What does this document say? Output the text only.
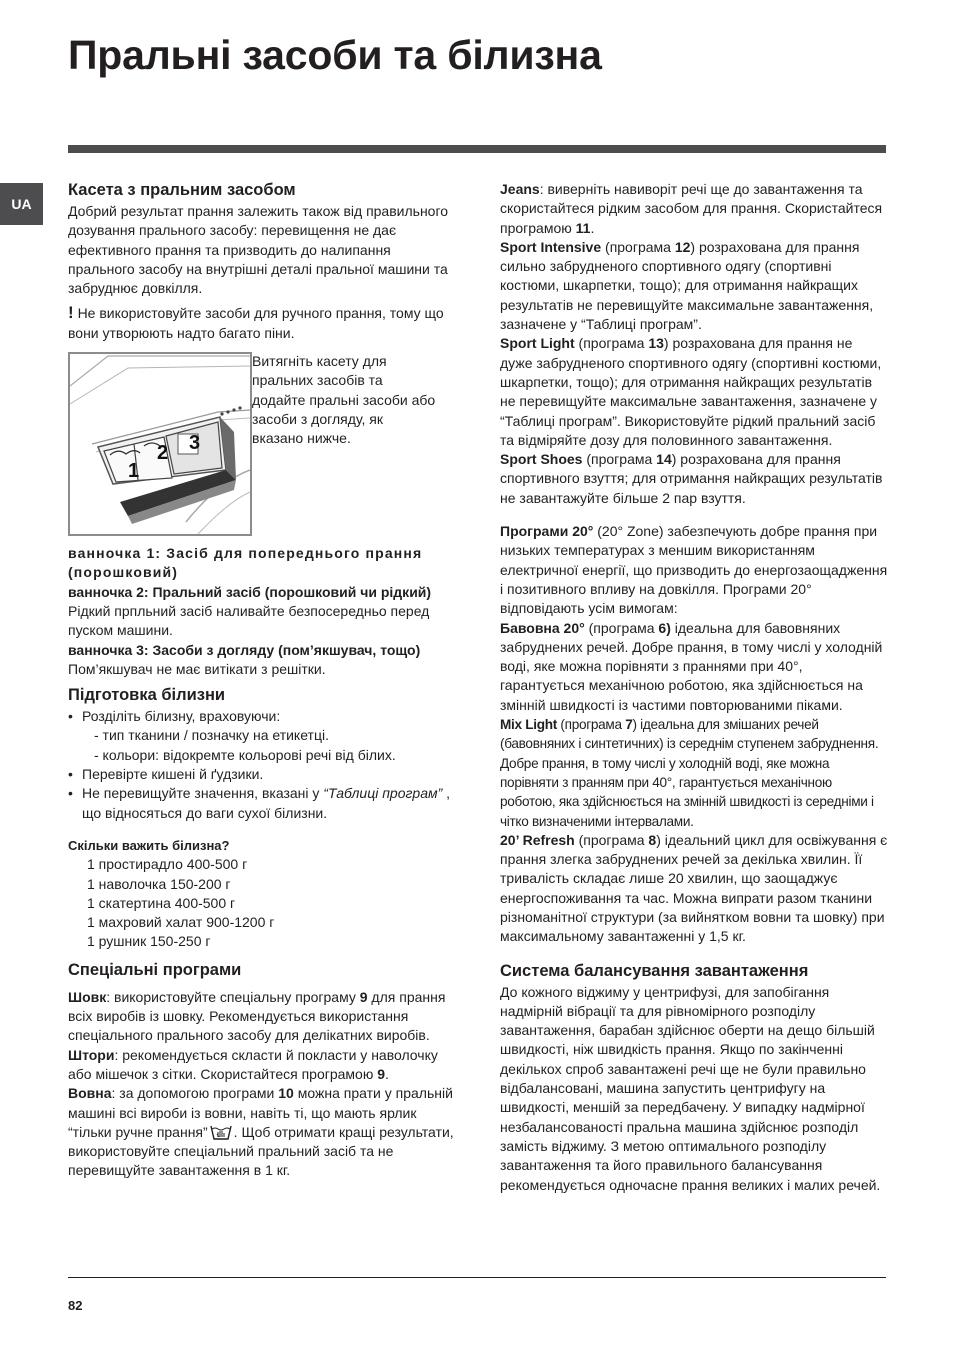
Пральні засоби та білизна
UA
Касета з пральним засобом

Добрий результат прання залежить також від правильного дозування прального засобу: перевищення не дає ефективного прання та призводить до налипання прального засобу на внутрішні деталі пральної машини та забруднює довкілля.

! Не використовуйте засоби для ручного прання, тому що вони утворюють надто багато піни.

1
2 3

Витягніть касету для пральних засобів та додайте пральні засоби або засоби з догляду, як вказано нижче.

ванночка 1: Засіб для попереднього прання (порошковий)

ванночка 2: Пральний засіб (порошковий чи рідкий)

Рідкий прпльний засіб наливайте безпосередньо перед пуском машини.

ванночка 3: Засоби з догляду (пом’якшувач, тощо)

Пом’якшувач не має витікати з решітки.

Підготовка білизни
• Розділіть білизну, враховуючи:
- тип тканини / позначку на етикетці.
- кольори: відокремте кольорові речі від білих.
• Перевірте кишені й ґудзики.
• Не перевищуйте значення, вказані у “Таблиці програм” , що відносяться до ваги сухої білизни.

Скільки важить білизна?

1 простирадло 400-500 г

1 наволочка 150-200 г

1 скатертина 400-500 г

1 махровий халат 900-1200 г

1 рушник 150-250 г

Спеціальні програми

Шовк: використовуйте спеціальну програму 9 для прання всіх виробів із шовку. Рекомендується використання спеціального прального засобу для делікатних виробів.

Штори: рекомендується скласти й покласти у наволочку або мішечок з сітки. Скористайтеся програмою 9.

Вовна: за допомогою програми 10 можна прати у пральній машині всі вироби із вовни, навіть ті, що мають ярлик “тільки ручне прання” . Щоб отримати кращі результати, використовуйте спеціальний пральний засіб та не перевищуйте завантаження в 1 кг.

Jeans: виверніть навиворіт речі ще до завантаження та скористайтеся рідким засобом для прання. Скористайтеся програмою 11.

Sport Intensive (програма 12) розрахована для прання сильно забрудненого спортивного одягу (спортивні костюми, шкарпетки, тощо); для отримання найкращих результатів не перевищуйте максимальне завантаження, зазначене у “Таблиці програм”.

Sport Light (програма 13) розрахована для прання не дуже забрудненого спортивного одягу (спортивні костюми, шкарпетки, тощо); для отримання найкращих результатів не перевищуйте максимальне завантаження, зазначене у “Таблиці програм”. Використовуйте рідкий пральний засіб та відміряйте дозу для половинного завантаження.

Sport Shoes (програма 14) розрахована для прання спортивного взуття; для отримання найкращих результатів не завантажуйте більше 2 пар взуття.

Програми 20° (20° Zone) забезпечують добре прання при низьких температурах з меншим використанням електричної енергії, що призводить до енергозаощадження і позитивного впливу на довкілля. Програми 20° відповідають усім вимогам:

Бавовна 20° (програма 6) ідеальна для бавовняних забруднених речей. Добре прання, в тому числі у холодній воді, яке можна порівняти з праннями при 40°, гарантується механічною роботою, яка здійснюється на змінній швидкості із частими повторюваними піками.

Mix Light (програма 7) ідеальна для змішаних речей (бавовняних і синтетичних) із середнім ступенем забруднення. Добре прання, в тому числі у холодній воді, яке можна порівняти з пранням при 40°, гарантується механічною роботою, яка здійснюється на змінній швидкості із середніми і чітко визначеними інтервалами.

20’ Refresh (програма 8) ідеальний цикл для освіжування є прання злегка забруднених речей за декілька хвилин. Її тривалість складає лише 20 хвилин, що заощаджує енергоспоживання та час. Можна випрати разом тканини різноманітної структури (за вийнятком вовни та шовку) при максимальному завантаженні у 1,5 кг.

Система балансування завантаження

До кожного віджиму у центрифузі, для запобігання надмірній вібрації та для рівномірного розподілу завантаження, барабан здійснює оберти на дещо більшій швидкості, ніж швидкість прання. Якщо по закінченні декількох спроб завантажені речі ще не були правильно відбалансовані, машина запустить центрифугу на швидкості, меншій за передбачену. У випадку надмірної незбалансованості пральна машина здійснює розподіл замість віджиму. З метою оптимального розподілу завантаження та його правильного балансування рекомендується одночасне прання великих і малих речей.

82
